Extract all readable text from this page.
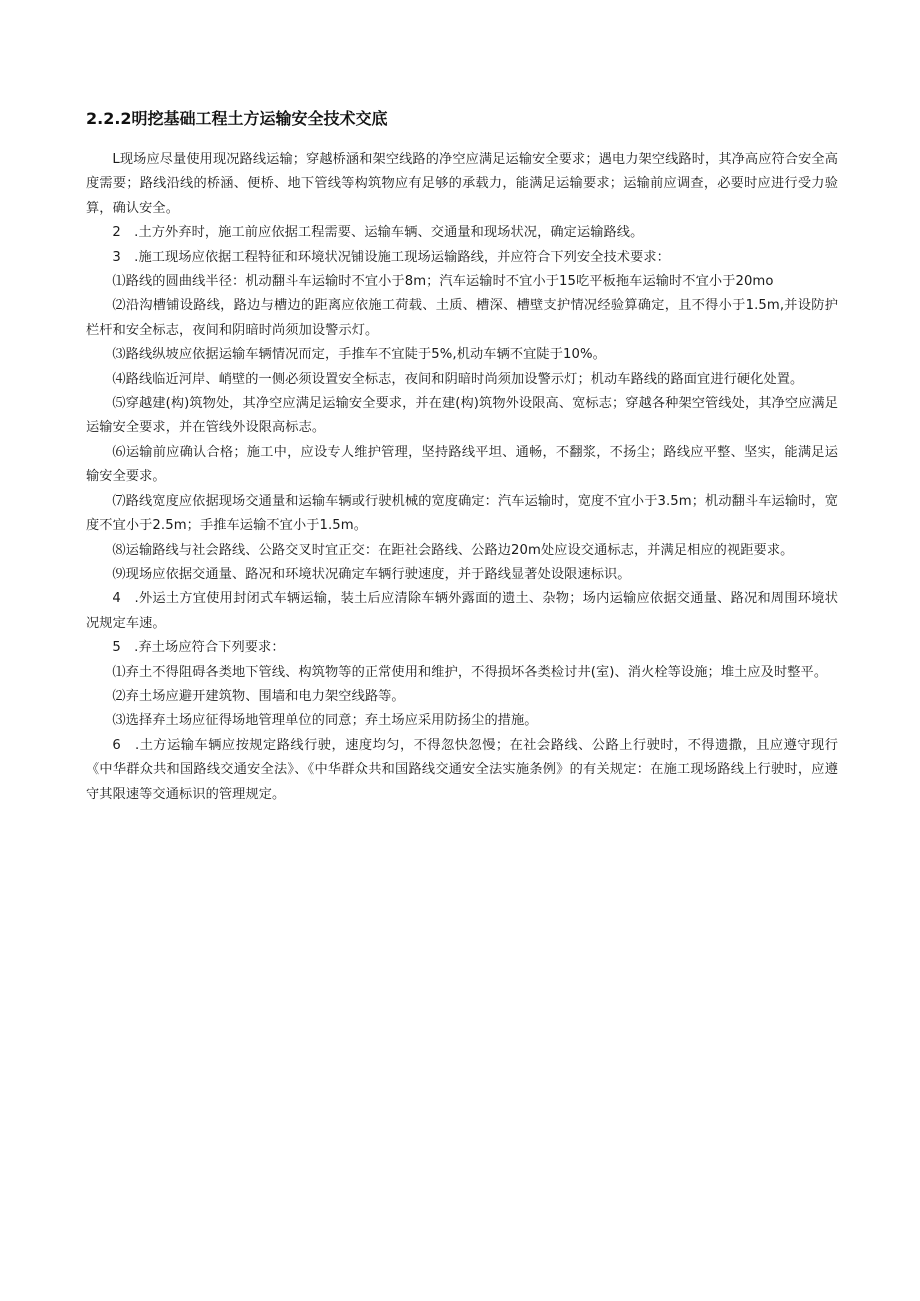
2.2.2明挖基础工程土方运输安全技术交底
L现场应尽量使用现况路线运输；穿越桥涵和架空线路的净空应满足运输安全要求；遇电力架空线路时，其净高应符合安全高度需要；路线沿线的桥涵、便桥、地下管线等构筑物应有足够的承载力，能满足运输要求；运输前应调查，必要时应进行受力验算，确认安全。
2　.土方外弃时，施工前应依据工程需要、运输车辆、交通量和现场状况，确定运输路线。
3　.施工现场应依据工程特征和环境状况铺设施工现场运输路线，并应符合下列安全技术要求：
⑴路线的圆曲线半径：机动翻斗车运输时不宜小于8m；汽车运输时不宜小于15吃平板拖车运输时不宜小于20mo
⑵沿沟槽铺设路线，路边与槽边的距离应依施工荷载、土质、槽深、槽壁支护情况经验算确定，且不得小于1.5m,并设防护栏杆和安全标志，夜间和阴暗时尚须加设警示灯。
⑶路线纵坡应依据运输车辆情况而定，手推车不宜陡于5%,机动车辆不宜陡于10%。
⑷路线临近河岸、峭壁的一侧必须设置安全标志，夜间和阴暗时尚须加设警示灯；机动车路线的路面宜进行硬化处置。
⑸穿越建(构)筑物处，其净空应满足运输安全要求，并在建(构)筑物外设限高、宽标志；穿越各种架空管线处，其净空应满足运输安全要求，并在管线外设限高标志。
⑹运输前应确认合格；施工中，应设专人维护管理，坚持路线平坦、通畅，不翻浆，不扬尘；路线应平整、坚实，能满足运输安全要求。
⑺路线宽度应依据现场交通量和运输车辆或行驶机械的宽度确定：汽车运输时，宽度不宜小于3.5m；机动翻斗车运输时，宽度不宜小于2.5m；手推车运输不宜小于1.5m。
⑻运输路线与社会路线、公路交叉时宜正交：在距社会路线、公路边20m处应设交通标志，并满足相应的视距要求。
⑼现场应依据交通量、路况和环境状况确定车辆行驶速度，并于路线显著处设限速标识。
4　.外运土方宜使用封闭式车辆运输，装土后应清除车辆外露面的遗土、杂物；场内运输应依据交通量、路况和周围环境状况规定车速。
5　.弃土场应符合下列要求：
⑴弃土不得阻碍各类地下管线、构筑物等的正常使用和维护，不得损坏各类检讨井(室)、消火栓等设施；堆土应及时整平。
⑵弃土场应避开建筑物、围墙和电力架空线路等。
⑶选择弃土场应征得场地管理单位的同意；弃土场应采用防扬尘的措施。
6　.土方运输车辆应按规定路线行驶，速度均匀，不得忽快忽慢；在社会路线、公路上行驶时，不得遗撒，且应遵守现行《中华群众共和国路线交通安全法》、《中华群众共和国路线交通安全法实施条例》的有关规定：在施工现场路线上行驶时，应遵守其限速等交通标识的管理规定。
